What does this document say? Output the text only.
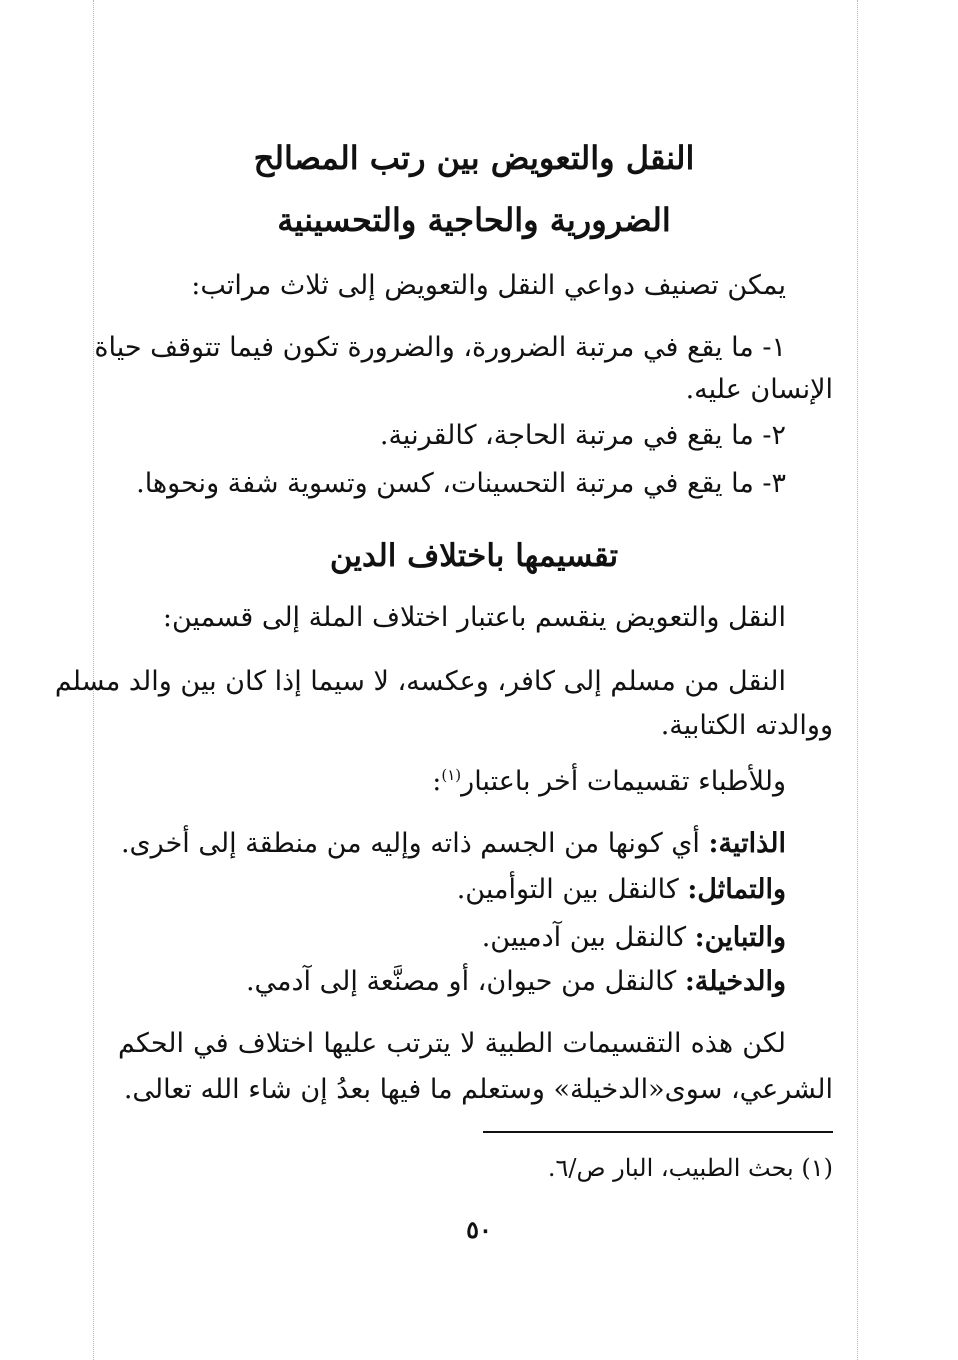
النقل والتعويض بين رتب المصالح
الضرورية والحاجية والتحسينية
يمكن تصنيف دواعي النقل والتعويض إلى ثلاث مراتب:
١- ما يقع في مرتبة الضرورة، والضرورة تكون فيما تتوقف حياة
الإنسان عليه.
٢- ما يقع في مرتبة الحاجة، كالقرنية.
٣- ما يقع في مرتبة التحسينات، كسن وتسوية شفة ونحوها.
تقسيمها باختلاف الدين
النقل والتعويض ينقسم باعتبار اختلاف الملة إلى قسمين:
النقل من مسلم إلى كافر، وعكسه، لا سيما إذا كان بين والد مسلم
ووالدته الكتابية.
وللأطباء تقسيمات أخر باعتبار$^{(١)}$:
الذاتية: أي كونها من الجسم ذاته وإليه من منطقة إلى أخرى.
والتماثل: كالنقل بين التوأمين.
والتباين: كالنقل بين آدميين.
والدخيلة: كالنقل من حيوان، أو مصنَّعة إلى آدمي.
لكن هذه التقسيمات الطبية لا يترتب عليها اختلاف في الحكم
الشرعي، سوى«الدخيلة» وستعلم ما فيها بعدُ إن شاء الله تعالى.
(١) بحث الطبيب، البار ص/٦.
٥٠
